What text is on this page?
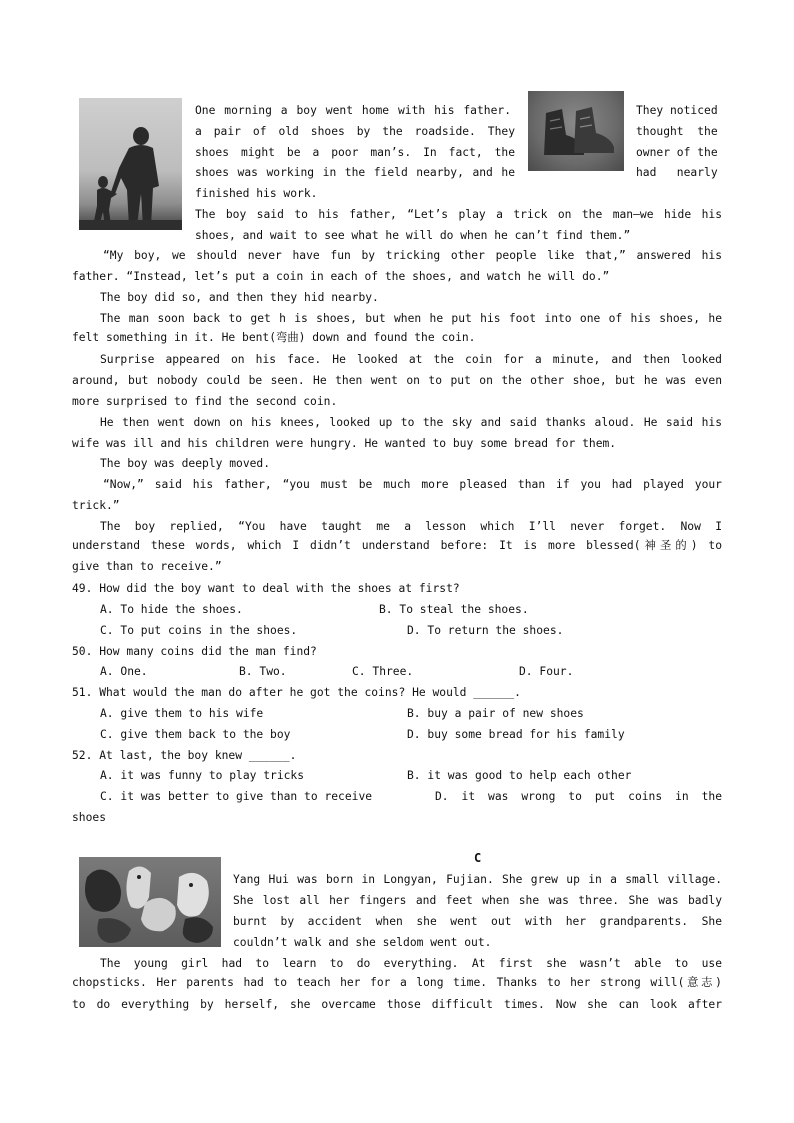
One morning a boy went home with his father.
a pair of old shoes by the roadside. They
shoes might be a poor man’s. In fact, the
shoes was working in the field nearby, and he
finished his work.
They noticed
thought  the
owner of the
had   nearly
The boy said to his father, “Let’s play a trick on the man—we hide his
shoes, and wait to see what he will do when he can’t find them.”
“My boy, we should never have fun by tricking other people like that,” answered his
father. “Instead, let’s put a coin in each of the shoes, and watch he will do.”
The boy did so, and then they hid nearby.
The man soon back to get h is shoes, but when he put his foot into one of his shoes, he
felt something in it. He bent(弯曲) down and found the coin.
Surprise appeared on his face. He looked at the coin for a minute, and then looked
around, but nobody could be seen. He then went on to put on the other shoe, but he was even
more surprised to find the second coin.
He then went down on his knees, looked up to the sky and said thanks aloud. He said his
wife was ill and his children were hungry. He wanted to buy some bread for them.
The boy was deeply moved.
“Now,” said his father, “you must be much more pleased than if you had played your
trick.”
The boy replied, “You have taught me a lesson which I’ll never forget. Now I
understand these words, which I didn’t understand before: It is more blessed(神圣的) to
give than to receive.”
49. How did the boy want to deal with the shoes at first?
A. To hide the shoes.	B. To steal the shoes.
C. To put coins in the shoes.	D. To return the shoes.
50. How many coins did the man find?
A. One.	B. Two.	C. Three.	D. Four.
51. What would the man do after he got the coins? He would ______.
A. give them to his wife	B. buy a pair of new shoes
C. give them back to the boy	D. buy some bread for his family
52. At last, the boy knew ______.
A. it was funny to play tricks	B. it was good to help each other
C. it was better to give than to receive	D. it was wrong to put coins in the
shoes
C
Yang Hui was born in Longyan, Fujian. She grew up in a small village.
She lost all her fingers and feet when she was three. She was badly
burnt by accident when she went out with her grandparents. She
couldn’t walk and she seldom went out.
The young girl had to learn to do everything. At first she wasn’t able to use
chopsticks. Her parents had to teach her for a long time. Thanks to her strong will(意志)
to do everything by herself, she overcame those difficult times. Now she can look after
